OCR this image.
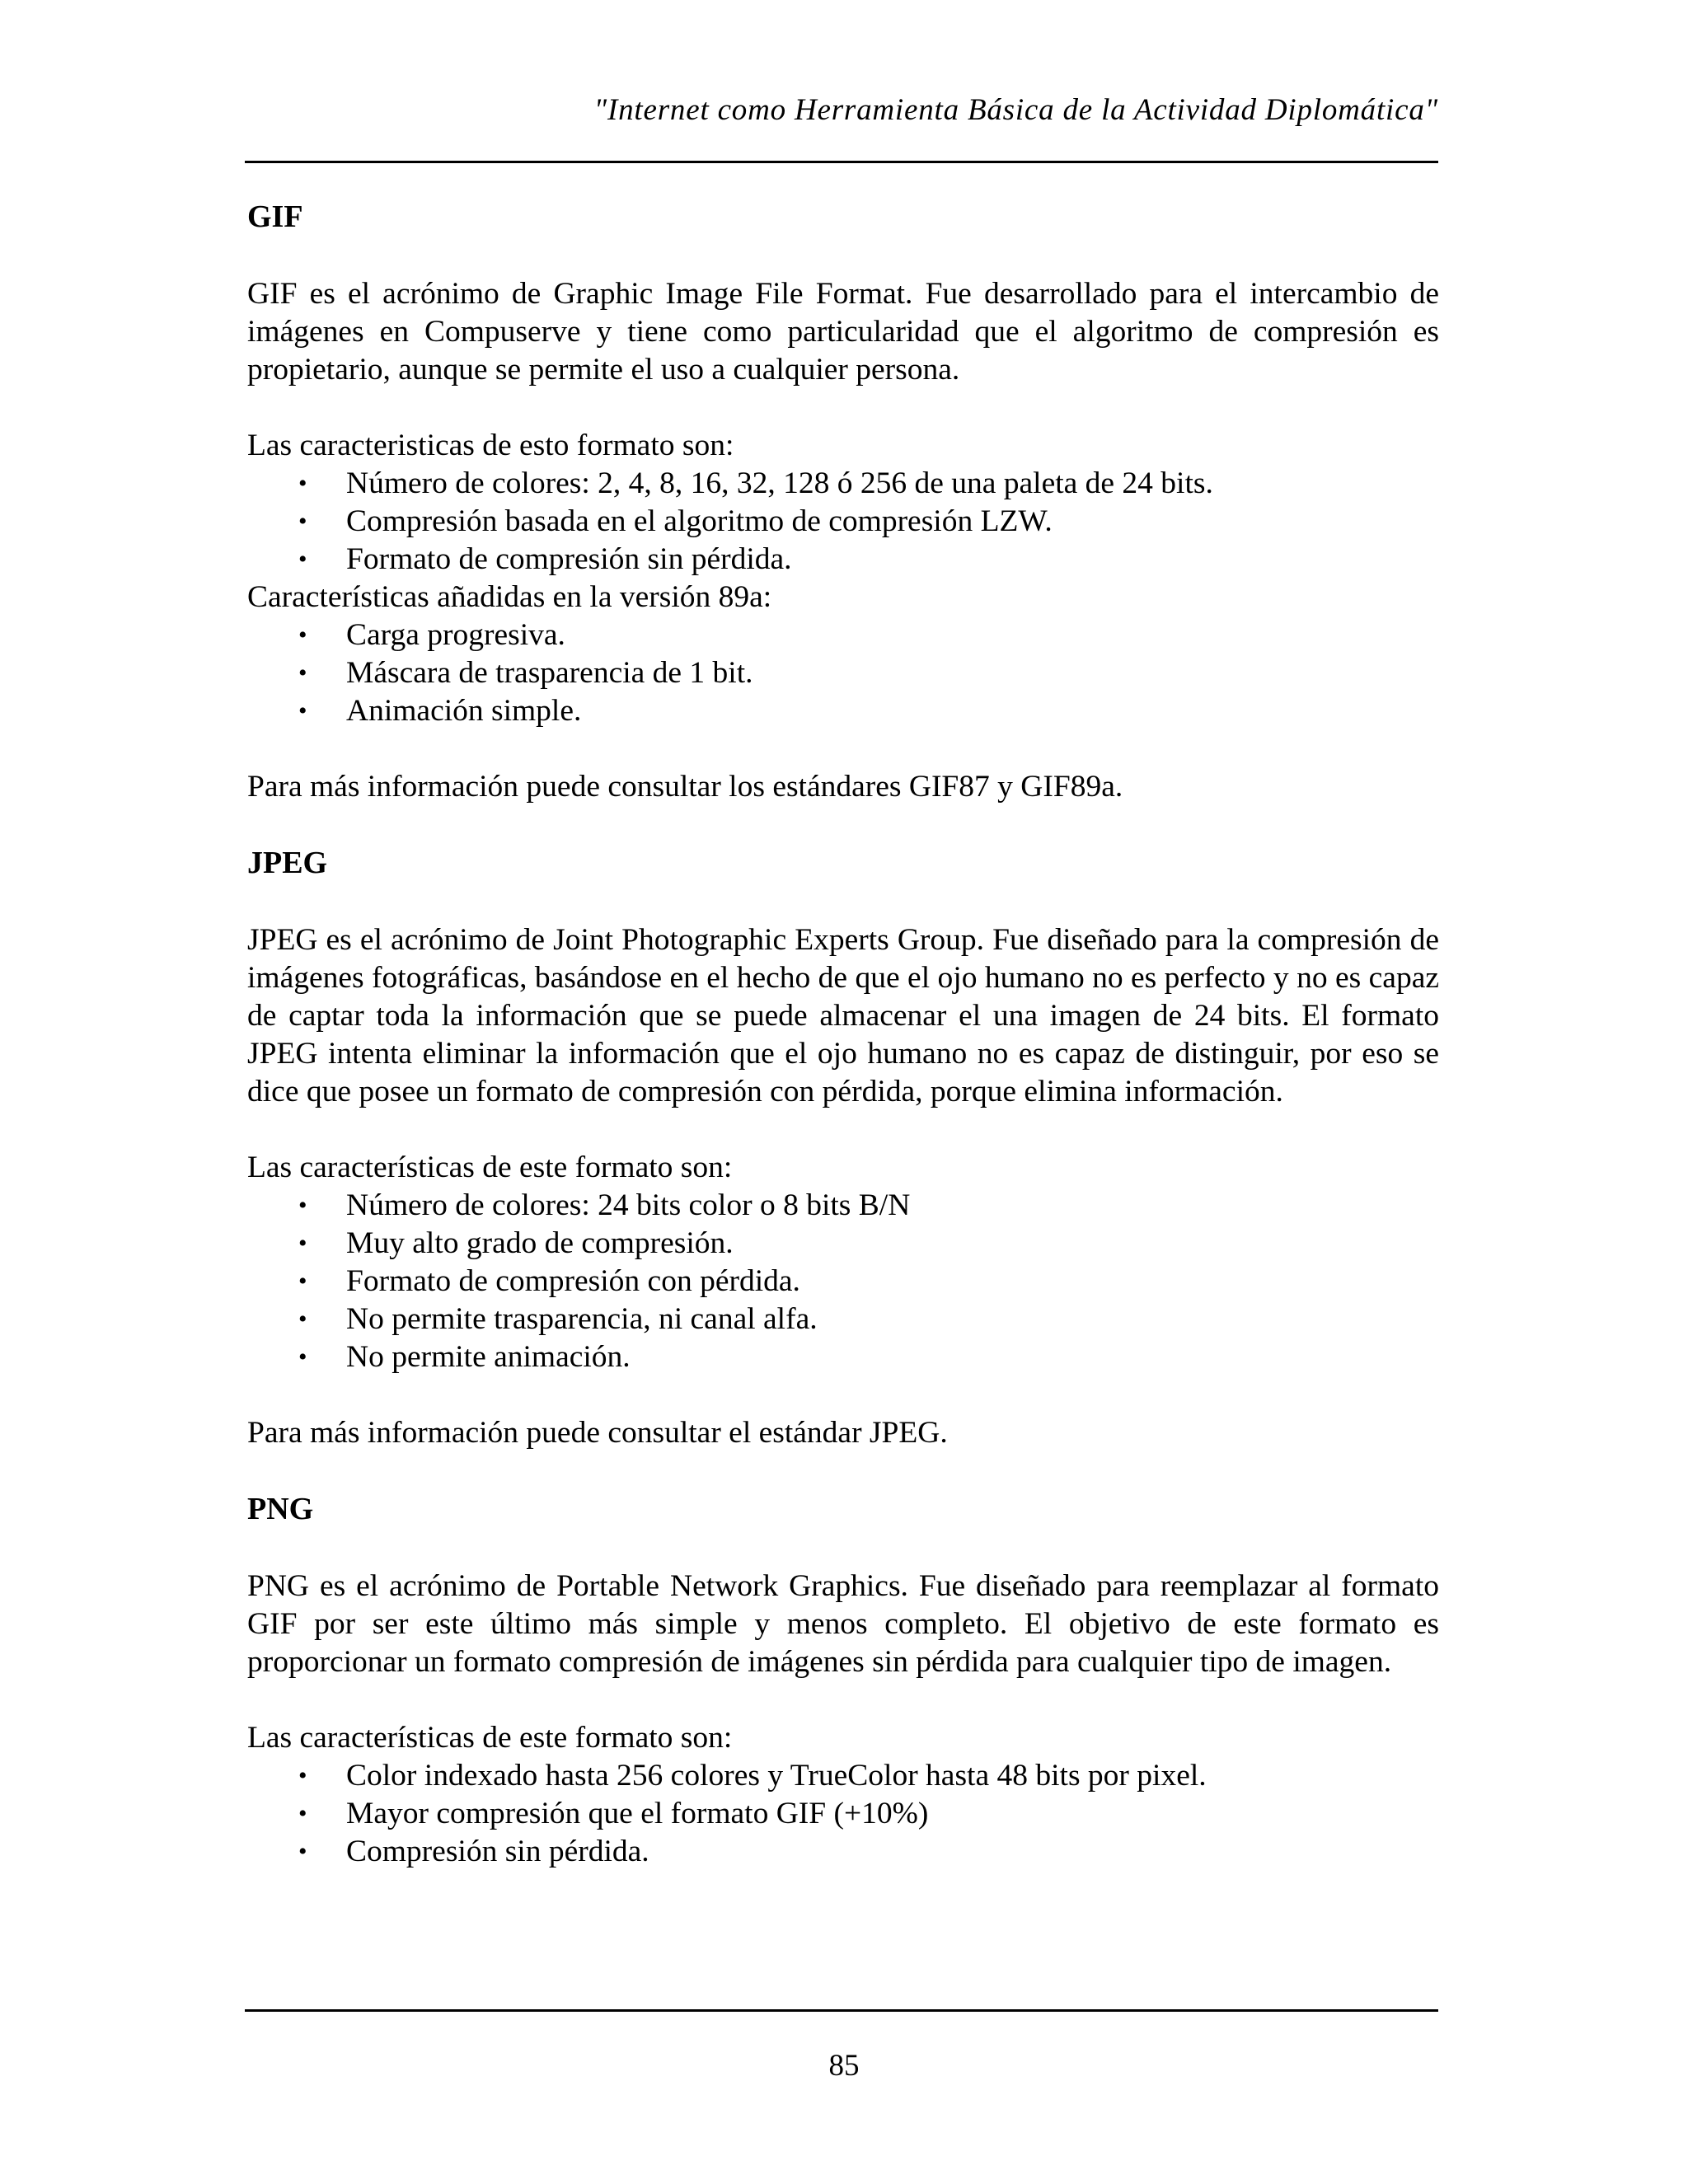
"Internet como Herramienta Básica de la Actividad Diplomática"
GIF

GIF es el acrónimo de Graphic Image File Format. Fue desarrollado para el intercambio de imágenes en Compuserve y tiene como particularidad que el algoritmo de compresión es propietario, aunque se permite el uso a cualquier persona.

Las caracteristicas de esto formato son:

• Número de colores: 2, 4, 8, 16, 32, 128 ó 256 de una paleta de 24 bits.
• Compresión basada en el algoritmo de compresión LZW.
• Formato de compresión sin pérdida.

Características añadidas en la versión 89a:

• Carga progresiva.
• Máscara de trasparencia de 1 bit.
• Animación simple.

Para más información puede consultar los estándares GIF87 y GIF89a.

JPEG

JPEG es el acrónimo de Joint Photographic Experts Group. Fue diseñado para la compresión de imágenes fotográficas, basándose en el hecho de que el ojo humano no es perfecto y no es capaz de captar toda la información que se puede almacenar el una imagen de 24 bits. El formato JPEG intenta eliminar la información que el ojo humano no es capaz de distinguir, por eso se dice que posee un formato de compresión con pérdida, porque elimina información.

Las características de este formato son:

• Número de colores: 24 bits color o 8 bits B/N
• Muy alto grado de compresión.
• Formato de compresión con pérdida.
• No permite trasparencia, ni canal alfa.
• No permite animación.

Para más información puede consultar el estándar JPEG.

PNG

PNG es el acrónimo de Portable Network Graphics. Fue diseñado para reemplazar al formato GIF por ser este último más simple y menos completo. El objetivo de este formato es proporcionar un formato compresión de imágenes sin pérdida para cualquier tipo de imagen.

Las características de este formato son:

• Color indexado hasta 256 colores y TrueColor hasta 48 bits por pixel.
• Mayor compresión que el formato GIF (+10%)
• Compresión sin pérdida.
85
